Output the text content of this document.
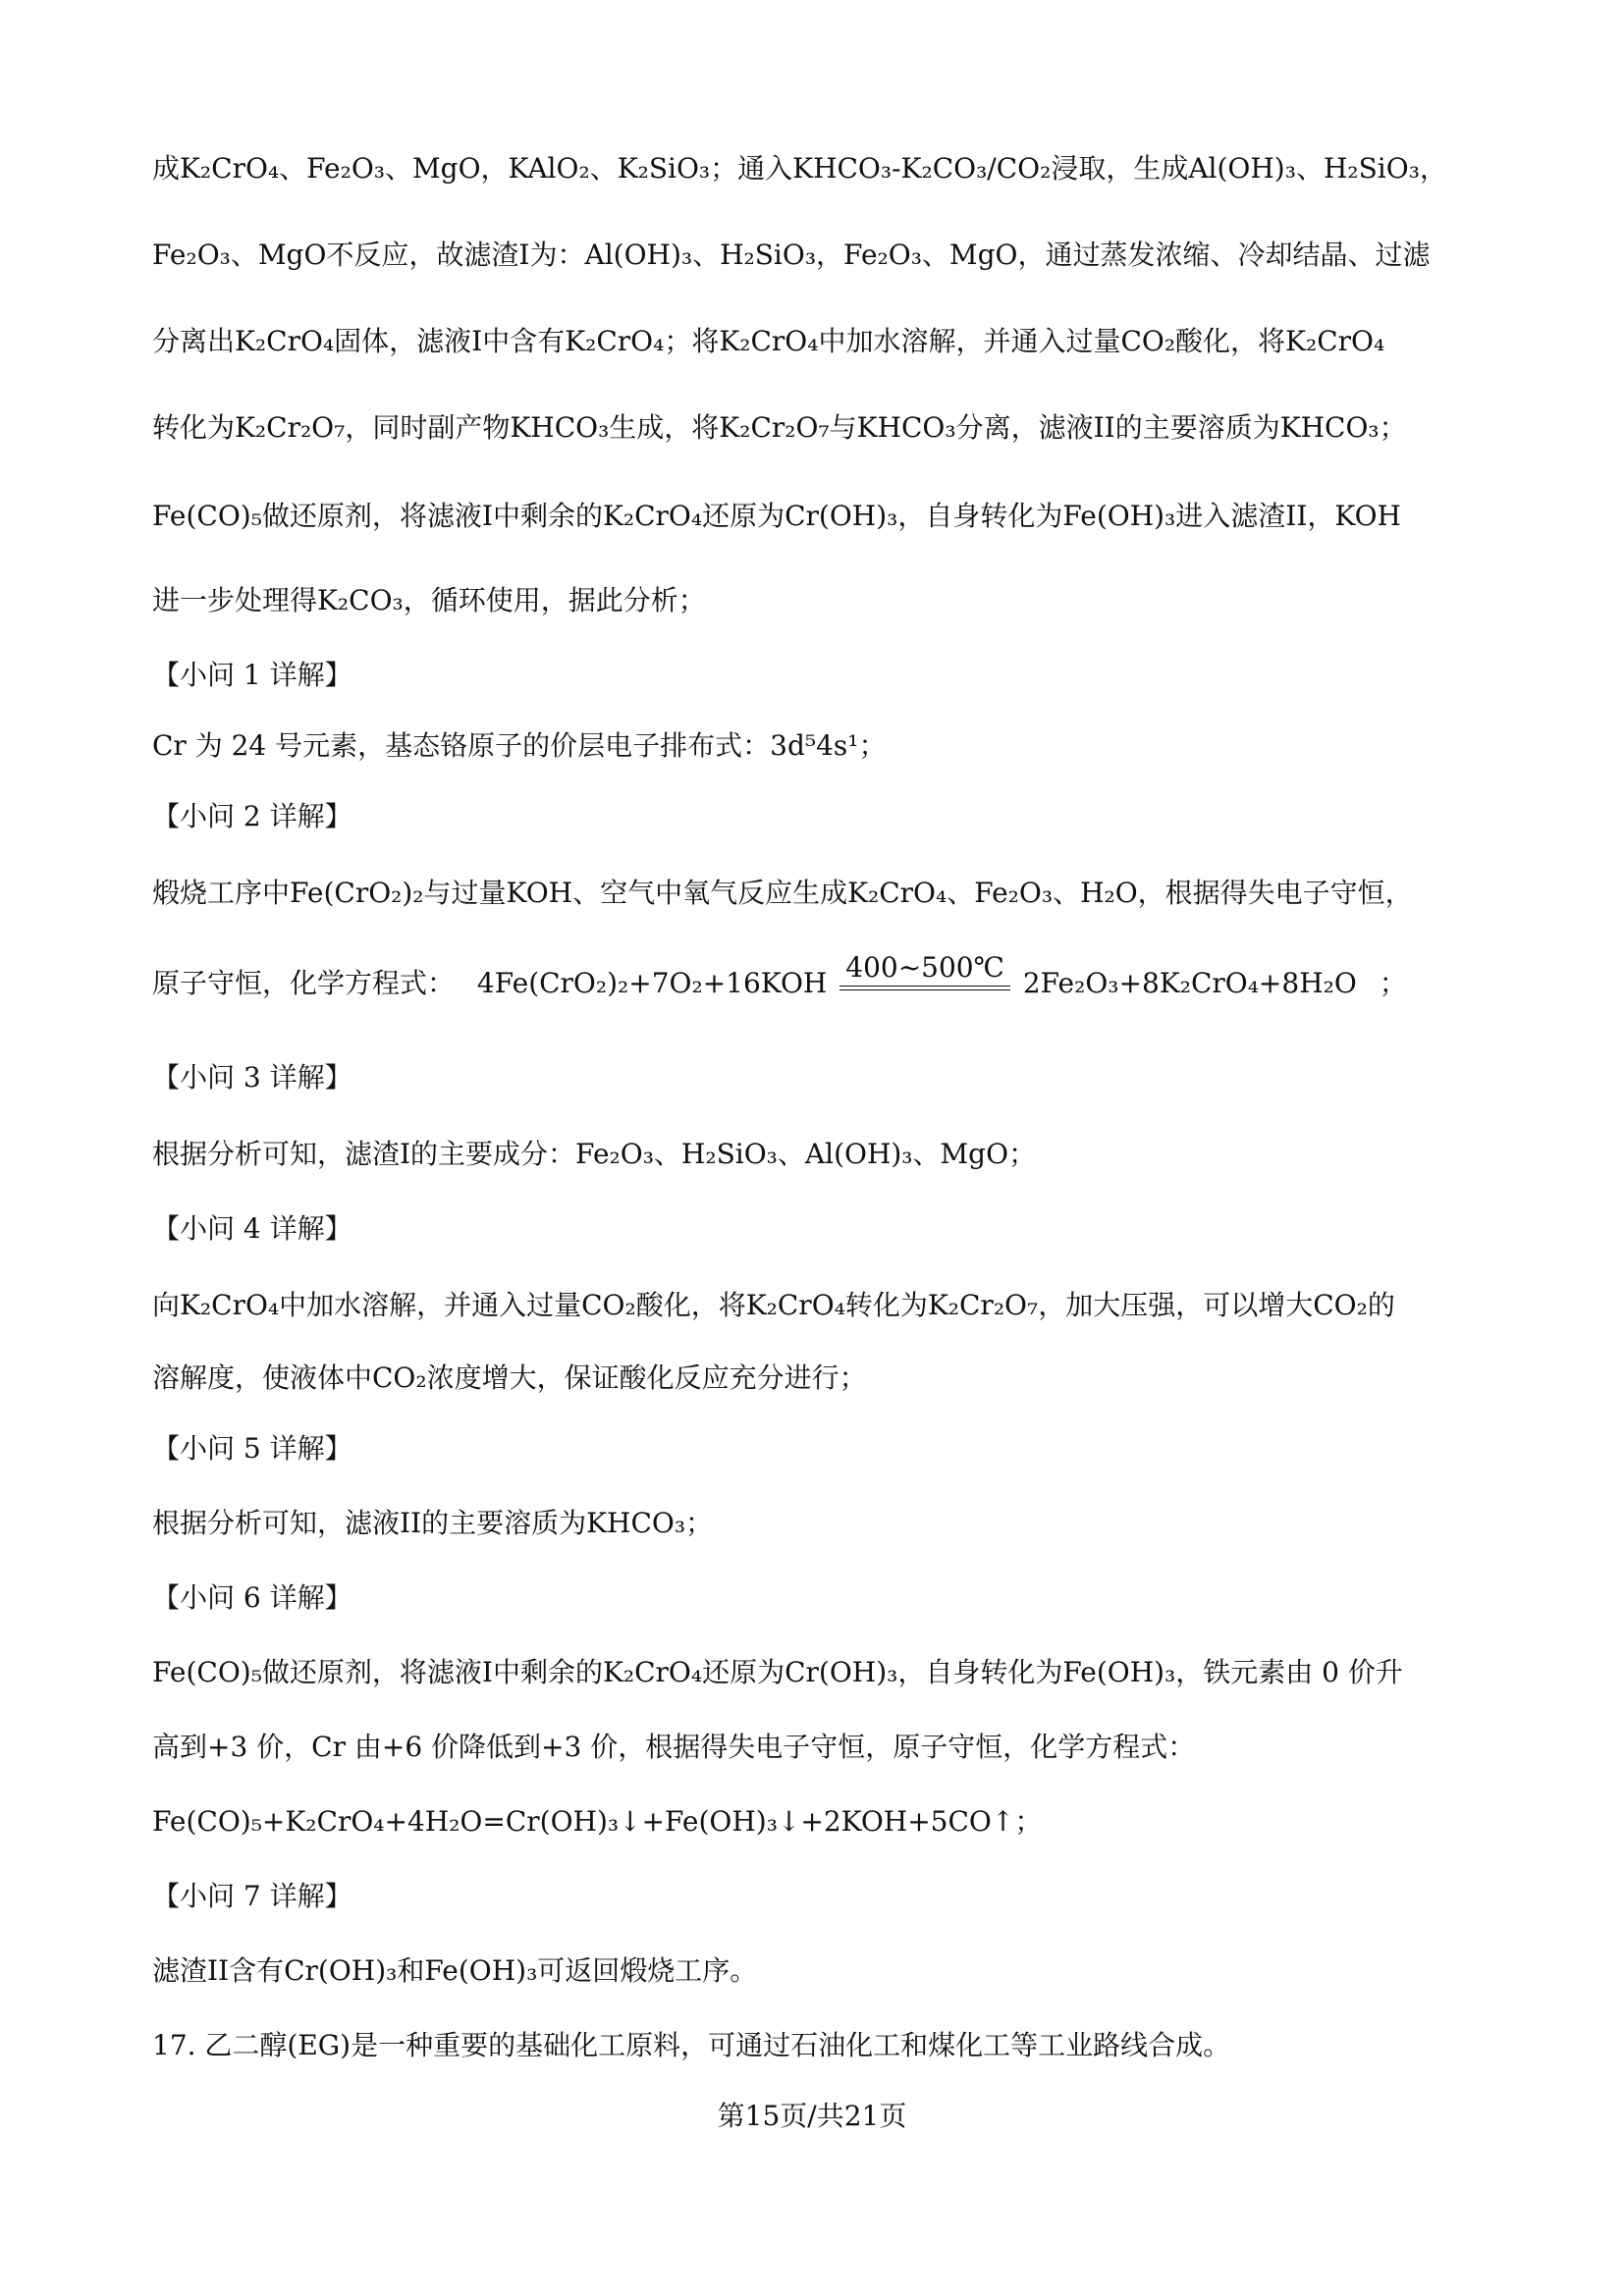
成K₂CrO₄、Fe₂O₃、MgO，KAlO₂、K₂SiO₃；通入KHCO₃-K₂CO₃/CO₂浸取，生成Al(OH)₃、H₂SiO₃，
Fe₂O₃、MgO不反应，故滤渣I为：Al(OH)₃、H₂SiO₃，Fe₂O₃、MgO，通过蒸发浓缩、冷却结晶、过滤
分离出K₂CrO₄固体，滤液I中含有K₂CrO₄；将K₂CrO₄中加水溶解，并通入过量CO₂酸化，将K₂CrO₄
转化为K₂Cr₂O₇，同时副产物KHCO₃生成，将K₂Cr₂O₇与KHCO₃分离，滤液II的主要溶质为KHCO₃；
Fe(CO)₅做还原剂，将滤液I中剩余的K₂CrO₄还原为Cr(OH)₃，自身转化为Fe(OH)₃进入滤渣II，KOH
进一步处理得K₂CO₃，循环使用，据此分析；
【小问 1 详解】
Cr 为 24 号元素，基态铬原子的价层电子排布式：3d⁵4s¹；
【小问 2 详解】
煅烧工序中Fe(CrO₂)₂与过量KOH、空气中氧气反应生成K₂CrO₄、Fe₂O₃、H₂O，根据得失电子守恒，
原子守恒，化学方程式： 4Fe(CrO₂)₂+7O₂+16KOH 400~500℃ 2Fe₂O₃+8K₂CrO₄+8H₂O ；
【小问 3 详解】
根据分析可知，滤渣I的主要成分：Fe₂O₃、H₂SiO₃、Al(OH)₃、MgO；
【小问 4 详解】
向K₂CrO₄中加水溶解，并通入过量CO₂酸化，将K₂CrO₄转化为K₂Cr₂O₇，加大压强，可以增大CO₂的
溶解度，使液体中CO₂浓度增大，保证酸化反应充分进行；
【小问 5 详解】
根据分析可知，滤液II的主要溶质为KHCO₃；
【小问 6 详解】
Fe(CO)₅做还原剂，将滤液I中剩余的K₂CrO₄还原为Cr(OH)₃，自身转化为Fe(OH)₃，铁元素由 0 价升
高到+3 价，Cr 由+6 价降低到+3 价，根据得失电子守恒，原子守恒，化学方程式：
Fe(CO)₅+K₂CrO₄+4H₂O=Cr(OH)₃↓+Fe(OH)₃↓+2KOH+5CO↑；
【小问 7 详解】
滤渣II含有Cr(OH)₃和Fe(OH)₃可返回煅烧工序。
17. 乙二醇(EG)是一种重要的基础化工原料，可通过石油化工和煤化工等工业路线合成。
第15页/共21页
